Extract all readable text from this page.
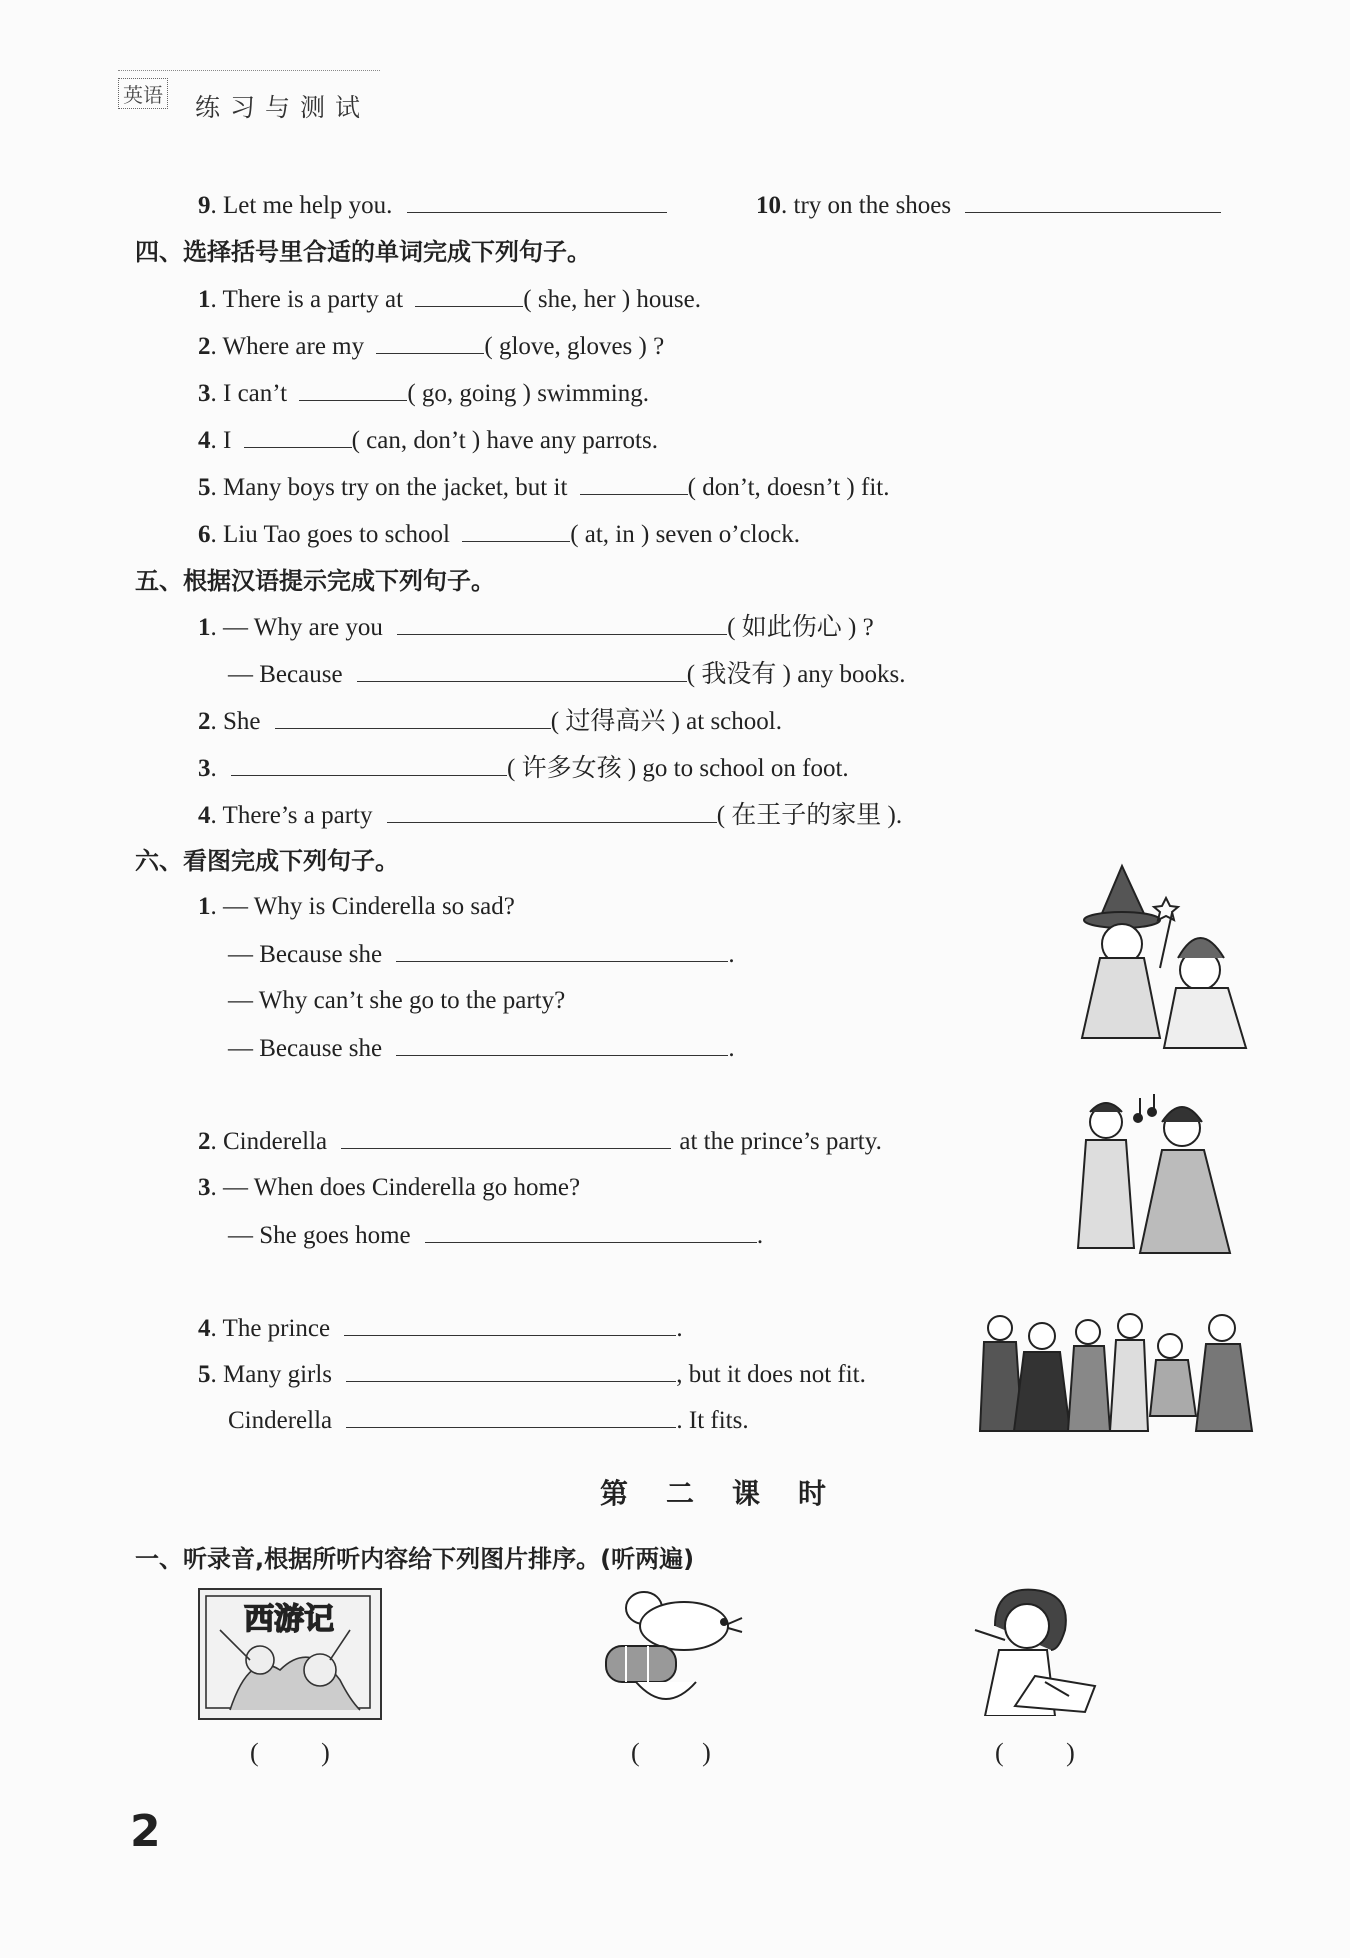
英语 练习与测试
9. Let me help you.	10. try on the shoes
四、选择括号里合适的单词完成下列句子。
1. There is a party at	( she, her ) house.
2. Where are my	( glove, gloves ) ?
3. I can’t	( go, going ) swimming.
4. I	( can, don’t ) have any parrots.
5. Many boys try on the jacket, but it	( don’t, doesn’t ) fit.
6. Liu Tao goes to school	( at, in ) seven o’clock.
五、根据汉语提示完成下列句子。
1. — Why are you	( 如此伤心 ) ?
— Because	( 我没有 ) any books.
2. She	( 过得高兴 ) at school.
3.	( 许多女孩 ) go to school on foot.
4. There’s a party	( 在王子的家里 ).
六、看图完成下列句子。
1. — Why is Cinderella so sad?
— Because she	.
— Why can’t she go to the party?
— Because she	.
2. Cinderella	at the prince’s party.
3. — When does Cinderella go home?
— She goes home	.
4. The prince	.
5. Many girls	, but it does not fit.
Cinderella	. It fits.
第二课时
一、听录音,根据所听内容给下列图片排序。(听两遍)
西游记
( )	( )	( )
2
